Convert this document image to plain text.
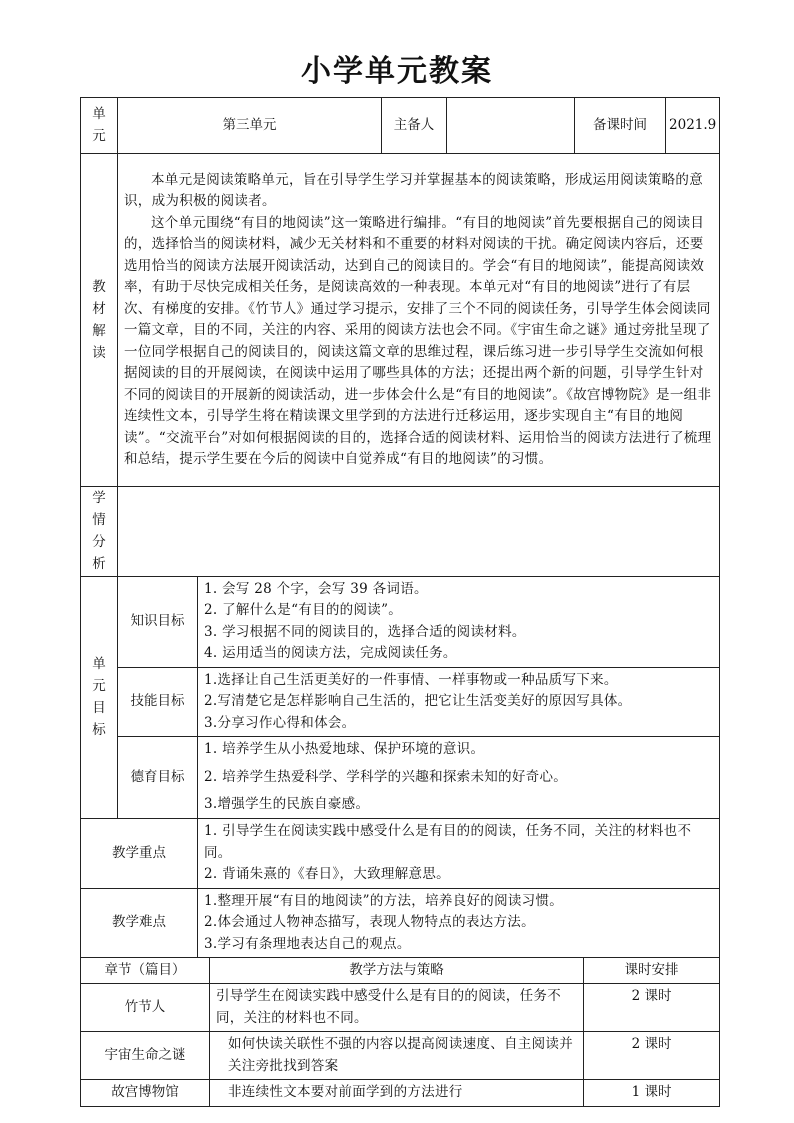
小学单元教案
单元	第三单元			主备人		备课时间		2021.9
教材解读	本单元是阅读策略单元，旨在引导学生学习并掌握基本的阅读策略，形成运用阅读策略的意识，成为积极的阅读者。

这个单元围绕“有目的地阅读”这一策略进行编排。“有目的地阅读”首先要根据自己的阅读目的，选择恰当的阅读材料，减少无关材料和不重要的材料对阅读的干扰。确定阅读内容后，还要选用恰当的阅读方法展开阅读活动，达到自己的阅读目的。学会“有目的地阅读”，能提高阅读效率，有助于尽快完成相关任务，是阅读高效的一种表现。本单元对“有目的地阅读”进行了有层次、有梯度的安排。《竹节人》通过学习提示，安排了三个不同的阅读任务，引导学生体会阅读同一篇文章，目的不同，关注的内容、采用的阅读方法也会不同。《宇宙生命之谜》通过旁批呈现了一位同学根据自己的阅读目的，阅读这篇文章的思维过程，课后练习进一步引导学生交流如何根据阅读的目的开展阅读，在阅读中运用了哪些具体的方法；还提出两个新的问题，引导学生针对不同的阅读目的开展新的阅读活动，进一步体会什么是“有目的地阅读”。《故宫博物院》是一组非连续性文本，引导学生将在精读课文里学到的方法进行迁移运用，逐步实现自主“有目的地阅读”。“交流平台”对如何根据阅读的目的，选择合适的阅读材料、运用恰当的阅读方法进行了梳理和总结，提示学生要在今后的阅读中自觉养成“有目的地阅读”的习惯。							

学情分析								
单元目标	知识目标	1. 会写 28 个字，会写 39 各词语。
2. 了解什么是“有目的的阅读”。
3. 学习根据不同的阅读目的，选择合适的阅读材料。
4. 运用适当的阅读方法，完成阅读任务。						

	技能目标	1.选择让自己生活更美好的一件事情、一样事物或一种品质写下来。
2.写清楚它是怎样影响自己生活的，把它让生活变美好的原因写具体。
3.分享习作心得和体会。						

	德育目标	1. 培养学生从小热爱地球、保护环境的意识。
2. 培养学生热爱科学、学科学的兴趣和探索未知的好奇心。
3.增强学生的民族自豪感。						

教学重点		1. 引导学生在阅读实践中感受什么是有目的的阅读，任务不同，关注的材料也不同。
2. 背诵朱熹的《春日》，大致理解意思。						

教学难点		1.整理开展“有目的地阅读”的方法，培养良好的阅读习惯。
2.体会通过人物神态描写，表现人物特点的表达方法。
3.学习有条理地表达自己的观点。						

章节（篇目）			教学方法与策略				课时安排	
竹节人			引导学生在阅读实践中感受什么是有目的的阅读，任务不同，关注的材料也不同。				2 课时	
宇宙生命之谜			如何快读关联性不强的内容以提高阅读速度、自主阅读并关注旁批找到答案				2 课时	
故宫博物馆			非连续性文本要对前面学到的方法进行				1 课时	
